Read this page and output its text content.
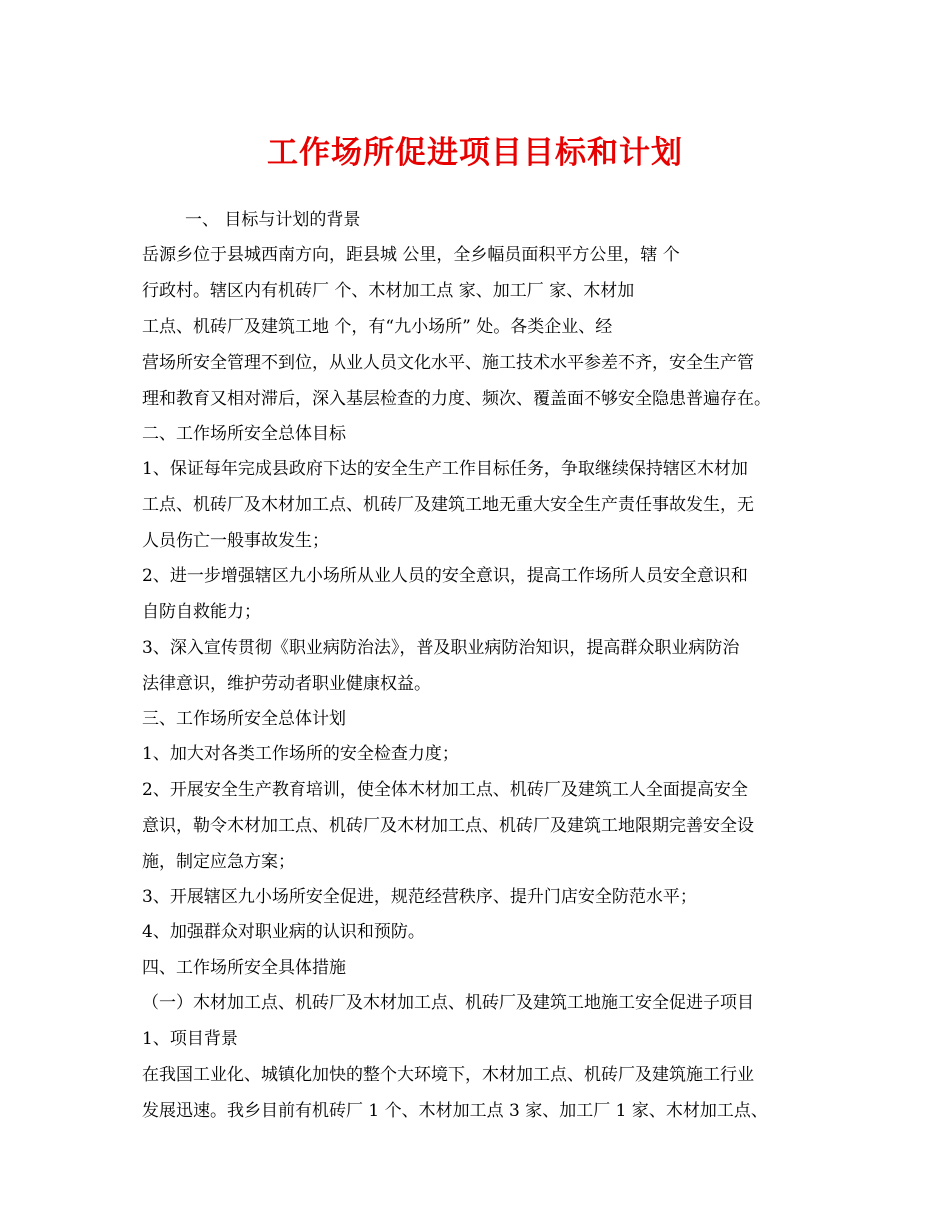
工作场所促进项目目标和计划
一、 目标与计划的背景
岳源乡位于县城西南方向，距县城 公里，全乡幅员面积平方公里，辖 个
行政村。辖区内有机砖厂 个、木材加工点 家、加工厂 家、木材加
工点、机砖厂及建筑工地 个，有“九小场所” 处。各类企业、经
营场所安全管理不到位，从业人员文化水平、施工技术水平参差不齐，安全生产管
理和教育又相对滞后，深入基层检查的力度、频次、覆盖面不够安全隐患普遍存在。
二、工作场所安全总体目标
1、保证每年完成县政府下达的安全生产工作目标任务，争取继续保持辖区木材加
工点、机砖厂及木材加工点、机砖厂及建筑工地无重大安全生产责任事故发生，无
人员伤亡一般事故发生；
2、进一步增强辖区九小场所从业人员的安全意识，提高工作场所人员安全意识和
自防自救能力；
3、深入宣传贯彻《职业病防治法》，普及职业病防治知识，提高群众职业病防治
法律意识，维护劳动者职业健康权益。
三、工作场所安全总体计划
1、加大对各类工作场所的安全检查力度；
2、开展安全生产教育培训，使全体木材加工点、机砖厂及建筑工人全面提高安全
意识，勒令木材加工点、机砖厂及木材加工点、机砖厂及建筑工地限期完善安全设
施，制定应急方案；
3、开展辖区九小场所安全促进，规范经营秩序、提升门店安全防范水平；
4、加强群众对职业病的认识和预防。
四、工作场所安全具体措施
（一）木材加工点、机砖厂及木材加工点、机砖厂及建筑工地施工安全促进子项目
1、项目背景
在我国工业化、城镇化加快的整个大环境下，木材加工点、机砖厂及建筑施工行业
发展迅速。我乡目前有机砖厂 1 个、木材加工点 3 家、加工厂 1 家、木材加工点、
